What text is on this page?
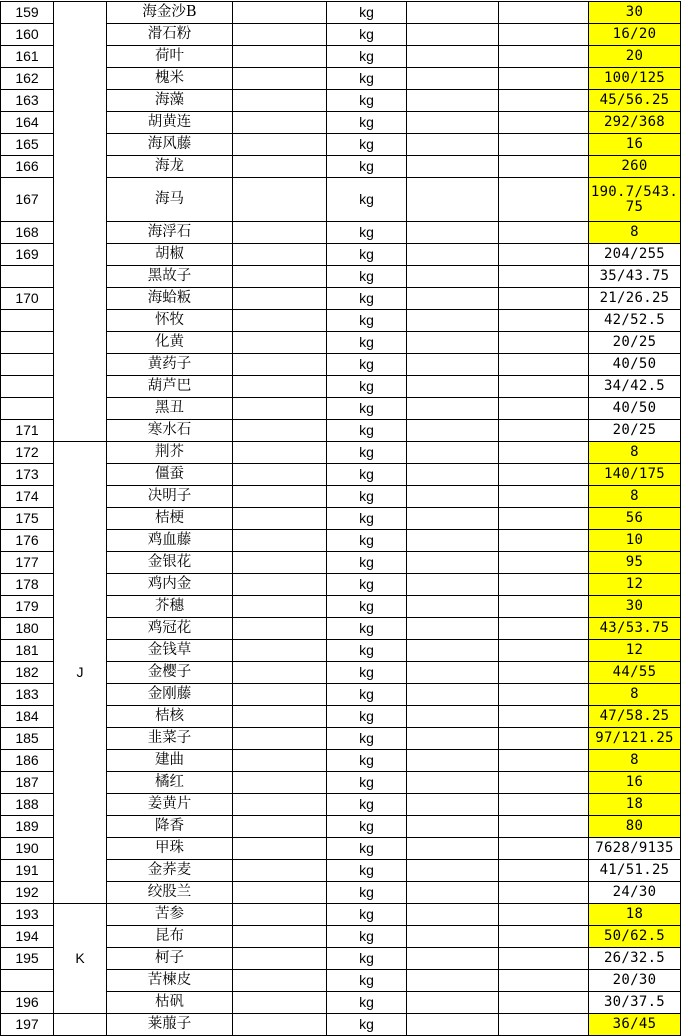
159		海金沙B		kg			30
160		滑石粉		kg			16/20
161		荷叶		kg			20
162		槐米		kg			100/125
163		海藻		kg			45/56.25
164		胡黄连		kg			292/368
165		海风藤		kg			16
166		海龙		kg			260
167		海马		kg			190.7/543.75
168		海浮石		kg			8
169		胡椒		kg			204/255
		黑故子		kg			35/43.75
170		海蛤粄		kg			21/26.25
		怀牧		kg			42/52.5
		化黄		kg			20/25
		黄药子		kg			40/50
		葫芦巴		kg			34/42.5
		黑丑		kg			40/50
171		寒水石		kg			20/25
172	J	荆芥		kg			8
173		僵蚕		kg			140/175
174		决明子		kg			8
175		桔梗		kg			56
176		鸡血藤		kg			10
177		金银花		kg			95
178		鸡内金		kg			12
179		芥穗		kg			30
180		鸡冠花		kg			43/53.75
181		金钱草		kg			12
182		金樱子		kg			44/55
183		金刚藤		kg			8
184		桔核		kg			47/58.25
185		韭菜子		kg			97/121.25
186		建曲		kg			8
187		橘红		kg			16
188		姜黄片		kg			18
189		降香		kg			80
190		甲珠		kg			7628/9135
191		金荞麦		kg			41/51.25
192		绞股兰		kg			24/30
193	K	苦参		kg			18
194		昆布		kg			50/62.5
195		柯子		kg			26/32.5
		苦楝皮		kg			20/30
196		枯矾		kg			30/37.5
197		莱菔子		kg			36/45
